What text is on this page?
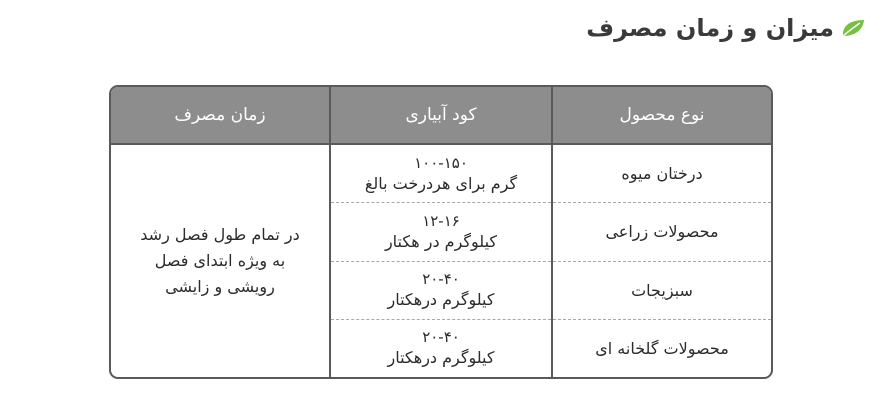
میزان و زمان مصرف
نوع محصول
کود آبیاری
زمان مصرف
درختان میوه
محصولات زراعی
سبزیجات
محصولات گلخانه ای
۱۰۰-۱۵۰
گرم برای هردرخت بالغ
۱۲-۱۶
کیلوگرم در هکتار
۲۰-۴۰
کیلوگرم درهکتار
۲۰-۴۰
کیلوگرم درهکتار
در تمام طول فصل رشد
به ویژه ابتدای فصل
رویشی و زایشی
